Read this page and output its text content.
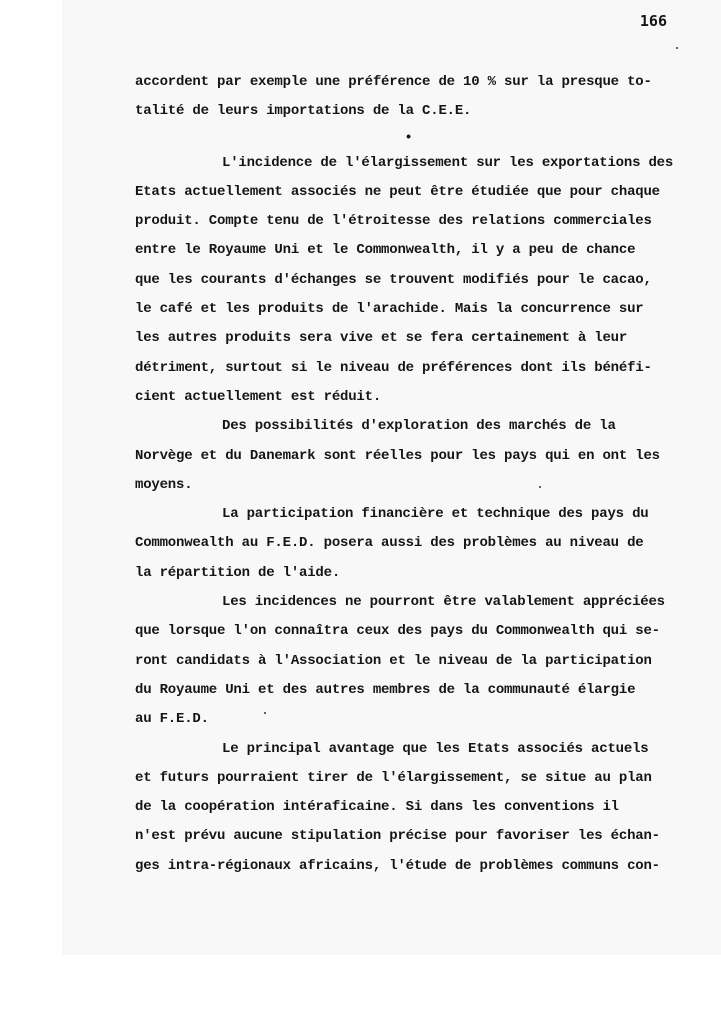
166
accordent par exemple une préférence de 10 % sur la presque to-
talité de leurs importations de la C.E.E.
•
L'incidence de l'élargissement sur les exportations des
Etats actuellement associés ne peut être étudiée que pour chaque
produit. Compte tenu de l'étroitesse des relations commerciales
entre le Royaume Uni et le Commonwealth, il y a peu de chance
que les courants d'échanges se trouvent modifiés pour le cacao,
le café et les produits de l'arachide. Mais la concurrence sur
les autres produits sera vive et se fera certainement à leur
détriment, surtout si le niveau de préférences dont ils bénéfi-
cient actuellement est réduit.
Des possibilités d'exploration des marchés de la
Norvège et du Danemark sont réelles pour les pays qui en ont les
moyens.
La participation financière et technique des pays du
Commonwealth au F.E.D. posera aussi des problèmes au niveau de
la répartition de l'aide.
Les incidences ne pourront être valablement appréciées
que lorsque l'on connaîtra ceux des pays du Commonwealth qui se-
ront candidats à l'Association et le niveau de la participation
du Royaume Uni et des autres membres de la communauté élargie
au F.E.D.
Le principal avantage que les Etats associés actuels
et futurs pourraient tirer de l'élargissement, se situe au plan
de la coopération intéraficaine. Si dans les conventions il
n'est prévu aucune stipulation précise pour favoriser les échan-
ges intra-régionaux africains, l'étude de problèmes communs con-
